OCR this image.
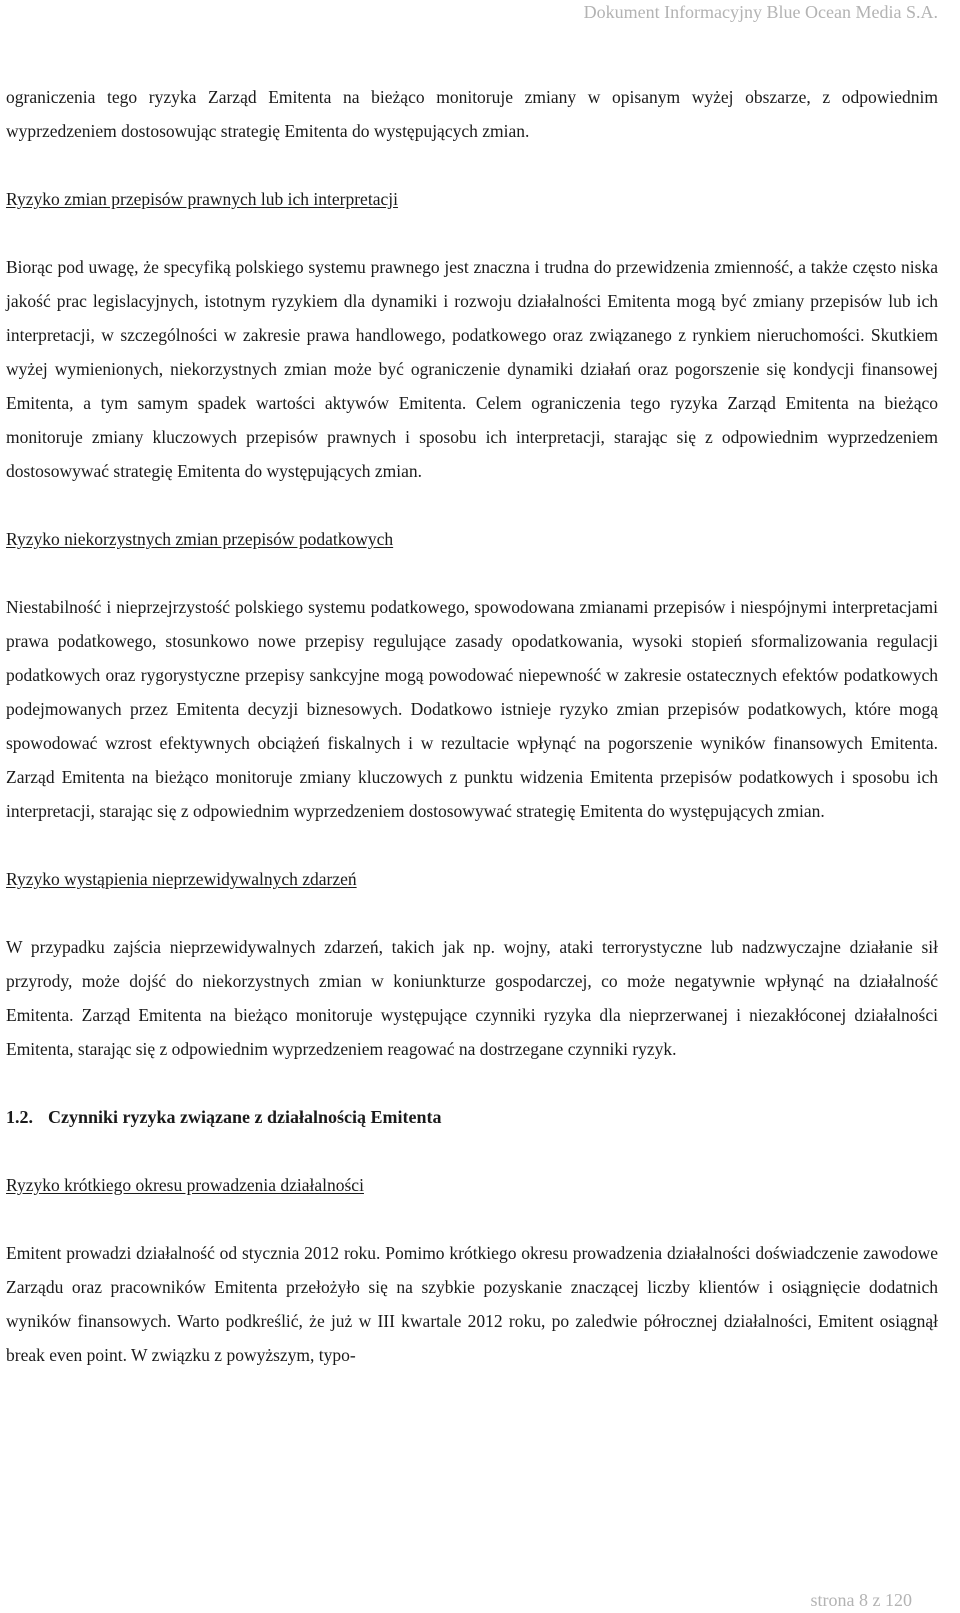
Dokument Informacyjny Blue Ocean Media S.A.

ograniczenia tego ryzyka Zarząd Emitenta na bieżąco monitoruje zmiany w opisanym wyżej obszarze, z odpowiednim wyprzedzeniem dostosowując strategię Emitenta do występujących zmian.

Ryzyko zmian przepisów prawnych lub ich interpretacji

Biorąc pod uwagę, że specyfiką polskiego systemu prawnego jest znaczna i trudna do przewidzenia zmienność, a także często niska jakość prac legislacyjnych, istotnym ryzykiem dla dynamiki i rozwoju działalności Emitenta mogą być zmiany przepisów lub ich interpretacji, w szczególności w zakresie prawa handlowego, podatkowego oraz związanego z rynkiem nieruchomości. Skutkiem wyżej wymienionych, niekorzystnych zmian może być ograniczenie dynamiki działań oraz pogorszenie się kondycji finansowej Emitenta, a tym samym spadek wartości aktywów Emitenta. Celem ograniczenia tego ryzyka Zarząd Emitenta na bieżąco monitoruje zmiany kluczowych przepisów prawnych i sposobu ich interpretacji, starając się z odpowiednim wyprzedzeniem dostosowywać strategię Emitenta do występujących zmian.

Ryzyko niekorzystnych zmian przepisów podatkowych

Niestabilność i nieprzejrzystość polskiego systemu podatkowego, spowodowana zmianami przepisów i niespójnymi interpretacjami prawa podatkowego, stosunkowo nowe przepisy regulujące zasady opodatkowania, wysoki stopień sformalizowania regulacji podatkowych oraz rygorystyczne przepisy sankcyjne mogą powodować niepewność w zakresie ostatecznych efektów podatkowych podejmowanych przez Emitenta decyzji biznesowych. Dodatkowo istnieje ryzyko zmian przepisów podatkowych, które mogą spowodować wzrost efektywnych obciążeń fiskalnych i w rezultacie wpłynąć na pogorszenie wyników finansowych Emitenta. Zarząd Emitenta na bieżąco monitoruje zmiany kluczowych z punktu widzenia Emitenta przepisów podatkowych i sposobu ich interpretacji, starając się z odpowiednim wyprzedzeniem dostosowywać strategię Emitenta do występujących zmian.

Ryzyko wystąpienia nieprzewidywalnych zdarzeń

W przypadku zajścia nieprzewidywalnych zdarzeń, takich jak np. wojny, ataki terrorystyczne lub nadzwyczajne działanie sił przyrody, może dojść do niekorzystnych zmian w koniunkturze gospodarczej, co może negatywnie wpłynąć na działalność Emitenta. Zarząd Emitenta na bieżąco monitoruje występujące czynniki ryzyka dla nieprzerwanej i niezakłóconej działalności Emitenta, starając się z odpowiednim wyprzedzeniem reagować na dostrzegane czynniki ryzyk.

1.2. Czynniki ryzyka związane z działalnością Emitenta
Ryzyko krótkiego okresu prowadzenia działalności

Emitent prowadzi działalność od stycznia 2012 roku. Pomimo krótkiego okresu prowadzenia działalności doświadczenie zawodowe Zarządu oraz pracowników Emitenta przełożyło się na szybkie pozyskanie znaczącej liczby klientów i osiągnięcie dodatnich wyników finansowych. Warto podkreślić, że już w III kwartale 2012 roku, po zaledwie półrocznej działalności, Emitent osiągnął break even point. W związku z powyższym, typo-

strona 8 z 120
